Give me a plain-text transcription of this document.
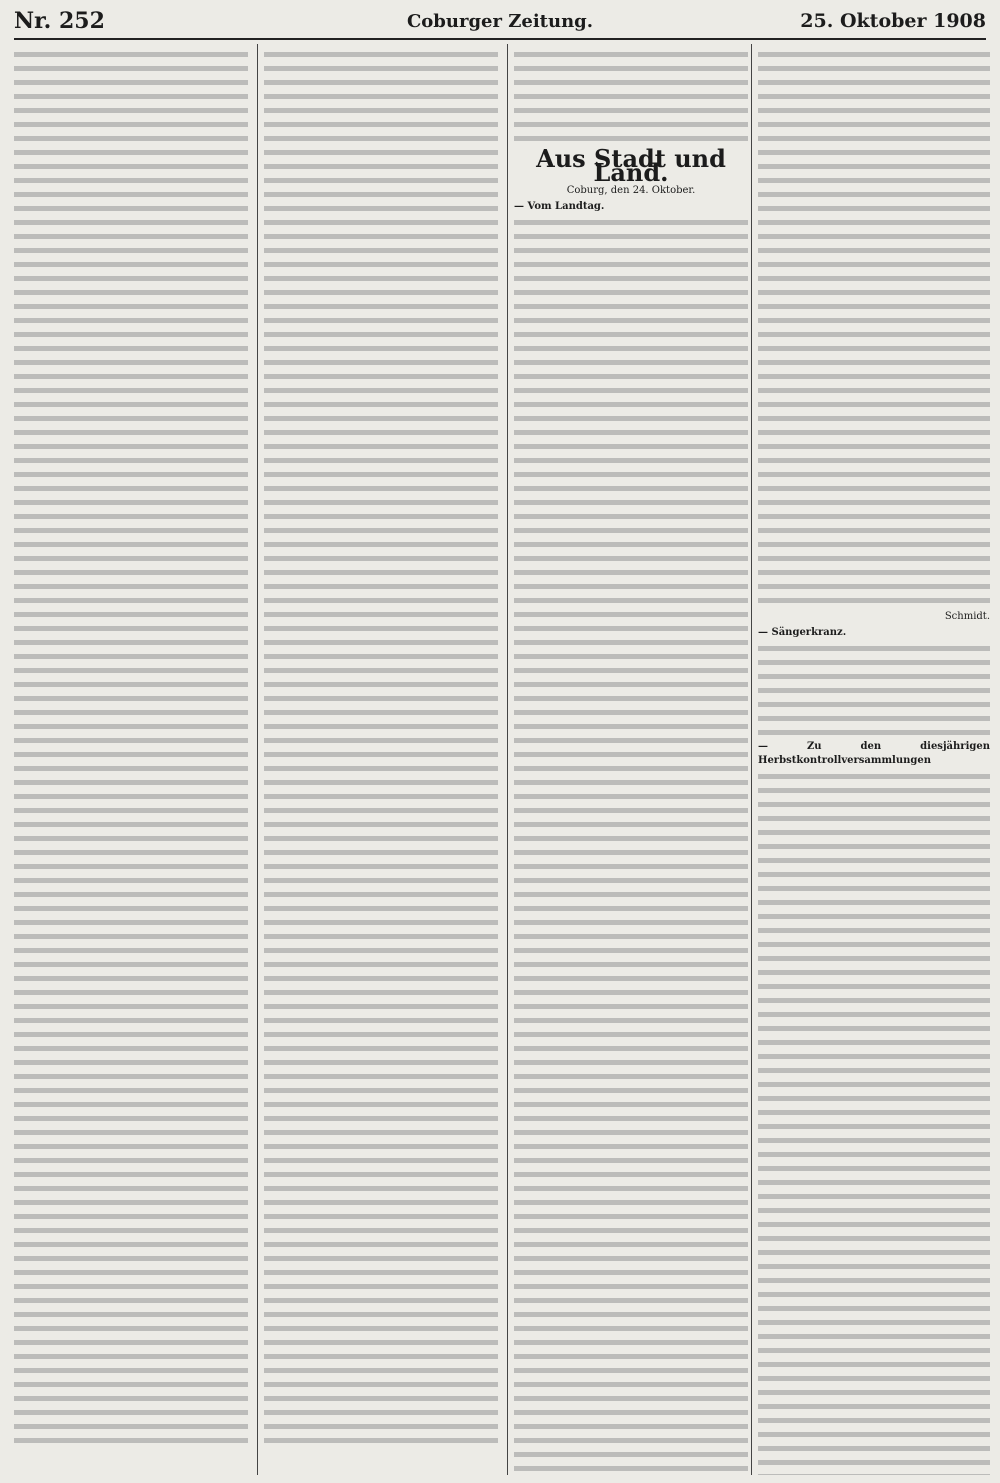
Nr. 252	Coburger Zeitung.	25. Oktober 1908
Aus Stadt und Land.
Coburg, den 24. Oktober.
— Vom Landtag.
Schmidt.
— Sängerkranz.
— Zu den diesjährigen Herbstkontrollversammlungen
